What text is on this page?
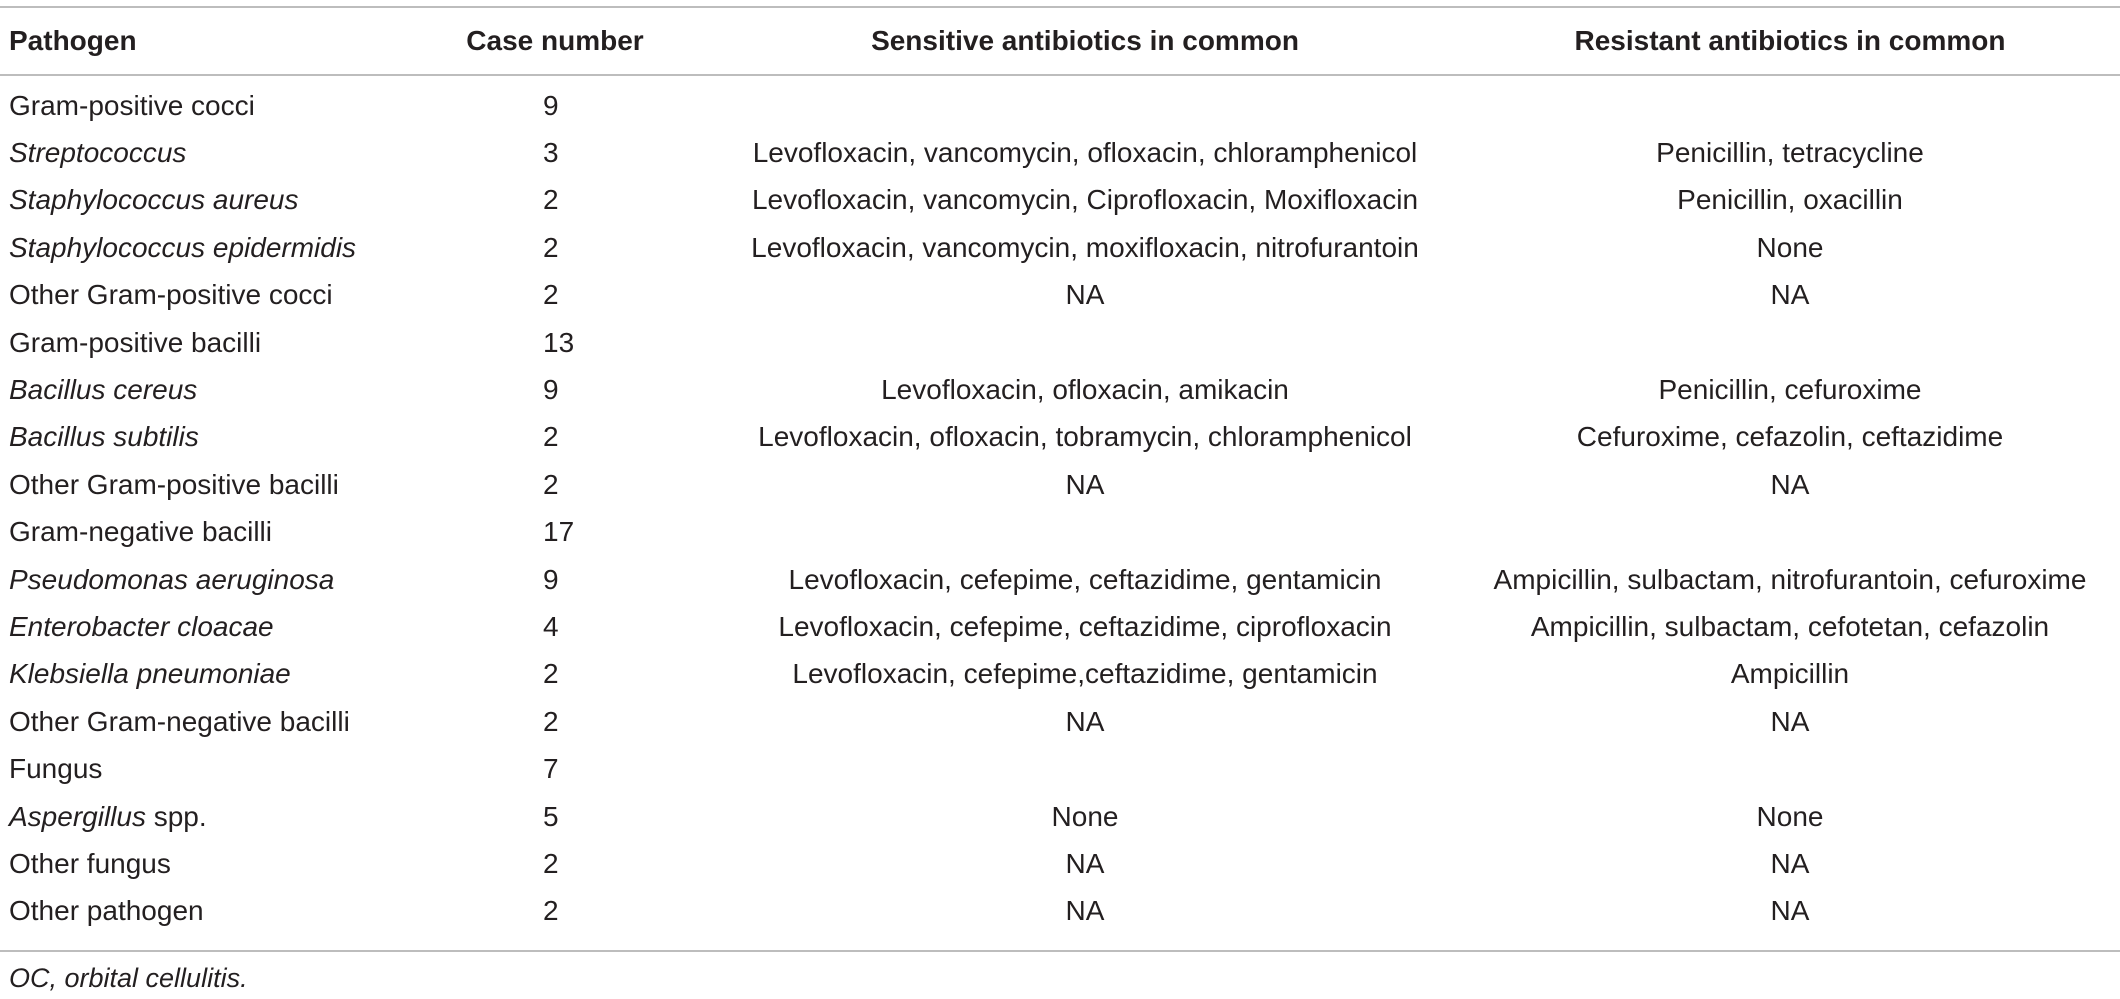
Pathogen	Case number	Sensitive antibiotics in common	Resistant antibiotics in common
Gram-positive cocci	9		
Streptococcus	3	Levofloxacin, vancomycin, ofloxacin, chloramphenicol	Penicillin, tetracycline
Staphylococcus aureus	2	Levofloxacin, vancomycin, Ciprofloxacin, Moxifloxacin	Penicillin, oxacillin
Staphylococcus epidermidis	2	Levofloxacin, vancomycin, moxifloxacin, nitrofurantoin	None
Other Gram-positive cocci	2	NA	NA
Gram-positive bacilli	13		
Bacillus cereus	9	Levofloxacin, ofloxacin, amikacin	Penicillin, cefuroxime
Bacillus subtilis	2	Levofloxacin, ofloxacin, tobramycin, chloramphenicol	Cefuroxime, cefazolin, ceftazidime
Other Gram-positive bacilli	2	NA	NA
Gram-negative bacilli	17		
Pseudomonas aeruginosa	9	Levofloxacin, cefepime, ceftazidime, gentamicin	Ampicillin, sulbactam, nitrofurantoin, cefuroxime
Enterobacter cloacae	4	Levofloxacin, cefepime, ceftazidime, ciprofloxacin	Ampicillin, sulbactam, cefotetan, cefazolin
Klebsiella pneumoniae	2	Levofloxacin, cefepime,ceftazidime, gentamicin	Ampicillin
Other Gram-negative bacilli	2	NA	NA
Fungus	7		
Aspergillus spp.	5	None	None
Other fungus	2	NA	NA
Other pathogen	2	NA	NA
OC, orbital cellulitis.
